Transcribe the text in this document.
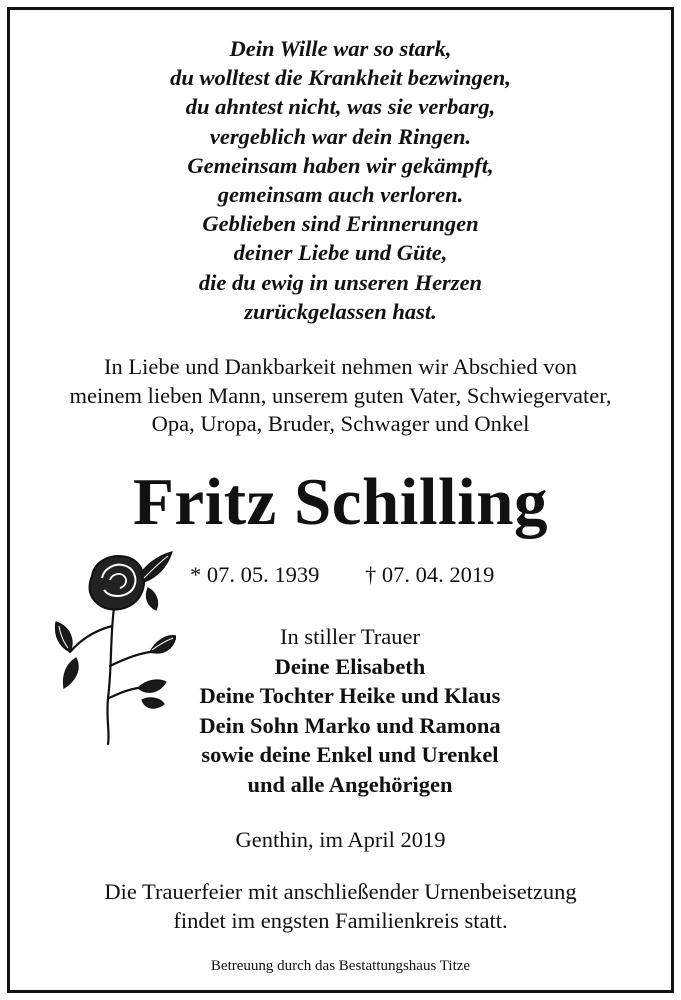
Dein Wille war so stark,
du wolltest die Krankheit bezwingen,
du ahntest nicht, was sie verbarg,
vergeblich war dein Ringen.
Gemeinsam haben wir gekämpft,
gemeinsam auch verloren.
Geblieben sind Erinnerungen
deiner Liebe und Güte,
die du ewig in unseren Herzen
zurückgelassen hast.
In Liebe und Dankbarkeit nehmen wir Abschied von
meinem lieben Mann, unserem guten Vater, Schwiegervater,
Opa, Uropa, Bruder, Schwager und Onkel
Fritz Schilling
* 07. 05. 1939 † 07. 04. 2019
In stiller Trauer
Deine Elisabeth
Deine Tochter Heike und Klaus
Dein Sohn Marko und Ramona
sowie deine Enkel und Urenkel
und alle Angehörigen
Genthin, im April 2019
Die Trauerfeier mit anschließender Urnenbeisetzung
findet im engsten Familienkreis statt.
Betreuung durch das Bestattungshaus Titze
